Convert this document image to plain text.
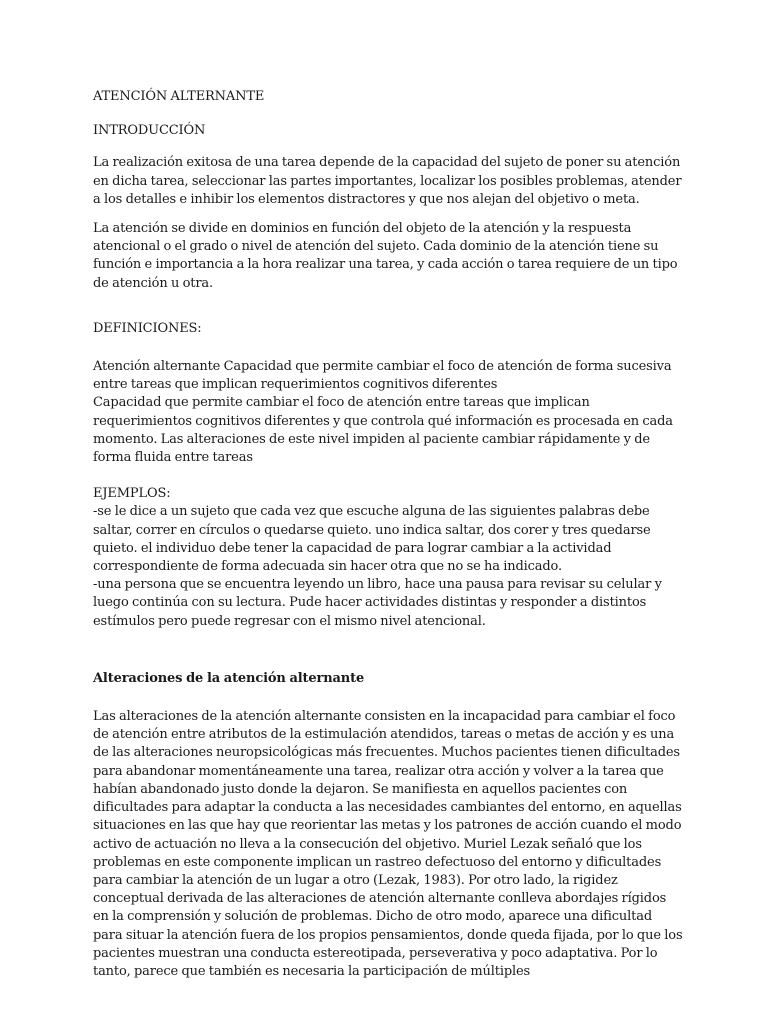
ATENCIÓN ALTERNANTE

INTRODUCCIÓN

La realización exitosa de una tarea depende de la capacidad del sujeto de poner su atención en dicha tarea, seleccionar las partes importantes, localizar los posibles problemas, atender a los detalles e inhibir los elementos distractores y que nos alejan del objetivo o meta.

La atención se divide en dominios en función del objeto de la atención y la respuesta atencional o el grado o nivel de atención del sujeto. Cada dominio de la atención tiene su función e importancia a la hora realizar una tarea, y cada acción o tarea requiere de un tipo de atención u otra.

DEFINICIONES:

Atención alternante Capacidad que permite cambiar el foco de atención de forma sucesiva entre tareas que implican requerimientos cognitivos diferentes

Capacidad que permite cambiar el foco de atención entre tareas que implican requerimientos cognitivos diferentes y que controla qué información es procesada en cada momento. Las alteraciones de este nivel impiden al paciente cambiar rápidamente y de forma fluida entre tareas

EJEMPLOS:

-se le dice a un sujeto que cada vez que escuche alguna de las siguientes palabras debe saltar, correr en círculos o quedarse quieto. uno indica saltar, dos corer y tres quedarse quieto. el individuo debe tener la capacidad de para lograr cambiar a la actividad correspondiente de forma adecuada sin hacer otra que no se ha indicado.

-una persona que se encuentra leyendo un libro, hace una pausa para revisar su celular y luego continúa con su lectura. Pude hacer actividades distintas y responder a distintos estímulos pero puede regresar con el mismo nivel atencional.

Alteraciones de la atención alternante

Las alteraciones de la atención alternante consisten en la incapacidad para cambiar el foco de atención entre atributos de la estimulación atendidos, tareas o metas de acción y es una de las alteraciones neuropsicológicas más frecuentes. Muchos pacientes tienen dificultades para abandonar momentáneamente una tarea, realizar otra acción y volver a la tarea que habían abandonado justo donde la dejaron. Se manifiesta en aquellos pacientes con dificultades para adaptar la conducta a las necesidades cambiantes del entorno, en aquellas situaciones en las que hay que reorientar las metas y los patrones de acción cuando el modo activo de actuación no lleva a la consecución del objetivo. Muriel Lezak señaló que los problemas en este componente implican un rastreo defectuoso del entorno y dificultades para cambiar la atención de un lugar a otro (Lezak, 1983). Por otro lado, la rigidez conceptual derivada de las alteraciones de atención alternante conlleva abordajes rígidos en la comprensión y solución de problemas. Dicho de otro modo, aparece una dificultad para situar la atención fuera de los propios pensamientos, donde queda fijada, por lo que los pacientes muestran una conducta estereotipada, perseverativa y poco adaptativa. Por lo tanto, parece que también es necesaria la participación de múltiples
